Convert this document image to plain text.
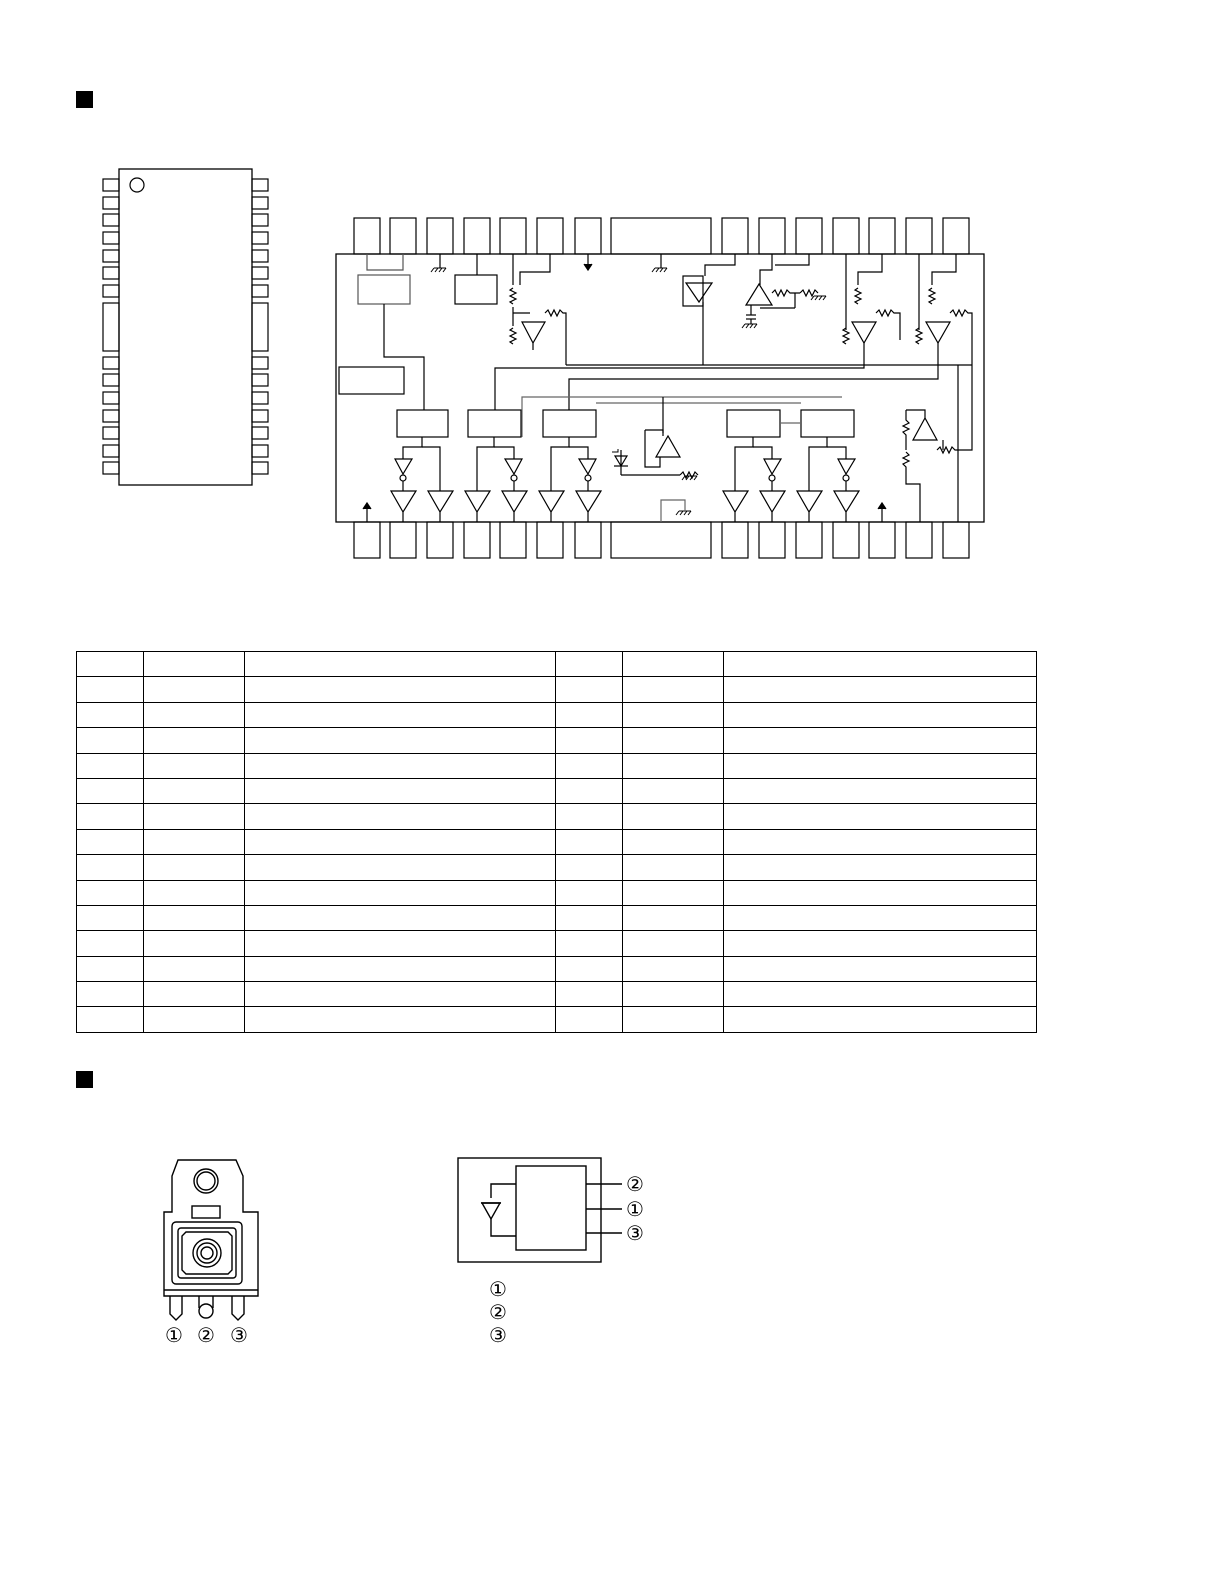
① ② ③
②
①
③
①
②
③
